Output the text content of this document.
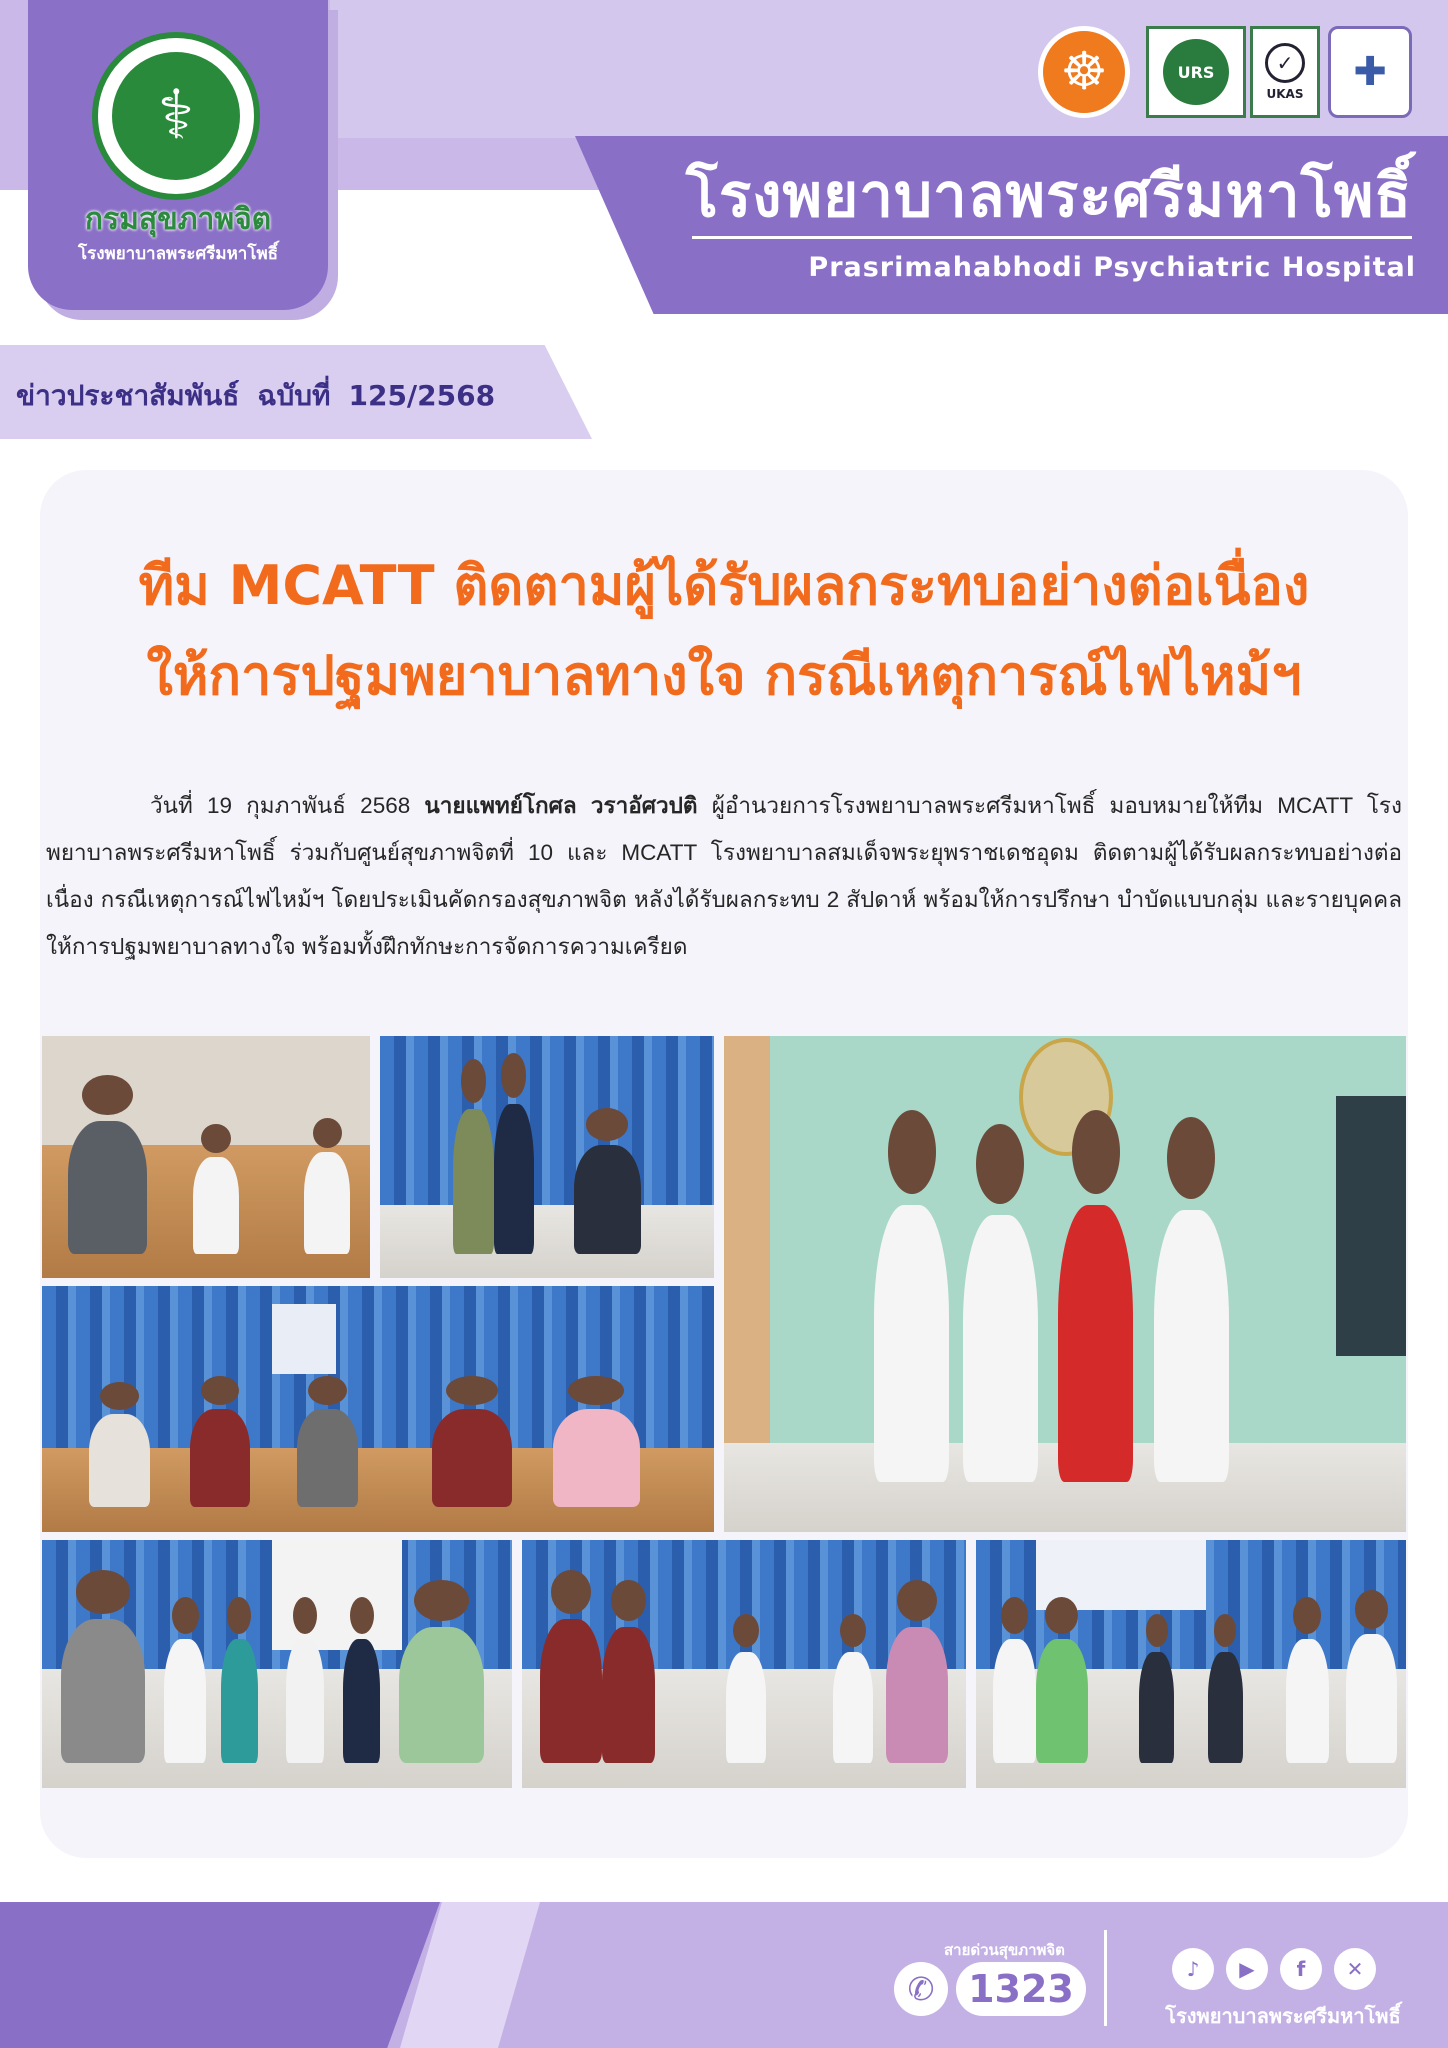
⚕
กรมสุขภาพจิต
โรงพยาบาลพระศรีมหาโพธิ์
☸	URS	✓
UKAS	✚
โรงพยาบาลพระศรีมหาโพธิ์
Prasrimahabhodi Psychiatric Hospital
ข่าวประชาสัมพันธ์ ฉบับที่ 125/2568
ทีม MCATT ติดตามผู้ได้รับผลกระทบอย่างต่อเนื่อง
ให้การปฐมพยาบาลทางใจ กรณีเหตุการณ์ไฟไหม้ฯ
วันที่ 19 กุมภาพันธ์ 2568 นายแพทย์โกศล วราอัศวปติ ผู้อำนวยการโรงพยาบาลพระศรีมหาโพธิ์ มอบหมายให้ทีม MCATT โรงพยาบาลพระศรีมหาโพธิ์ ร่วมกับศูนย์สุขภาพจิตที่ 10 และ MCATT โรงพยาบาลสมเด็จพระยุพราชเดชอุดม ติดตามผู้ได้รับผลกระทบอย่างต่อเนื่อง กรณีเหตุการณ์ไฟไหม้ฯ โดยประเมินคัดกรองสุขภาพจิต หลังได้รับผลกระทบ 2 สัปดาห์ พร้อมให้การปรึกษา บำบัดแบบกลุ่ม และรายบุคคล ให้การปฐมพยาบาลทางใจ พร้อมทั้งฝึกทักษะการจัดการความเครียด
สายด่วนสุขภาพจิต
✆ 1323	♪	▶	f	✕
โรงพยาบาลพระศรีมหาโพธิ์
